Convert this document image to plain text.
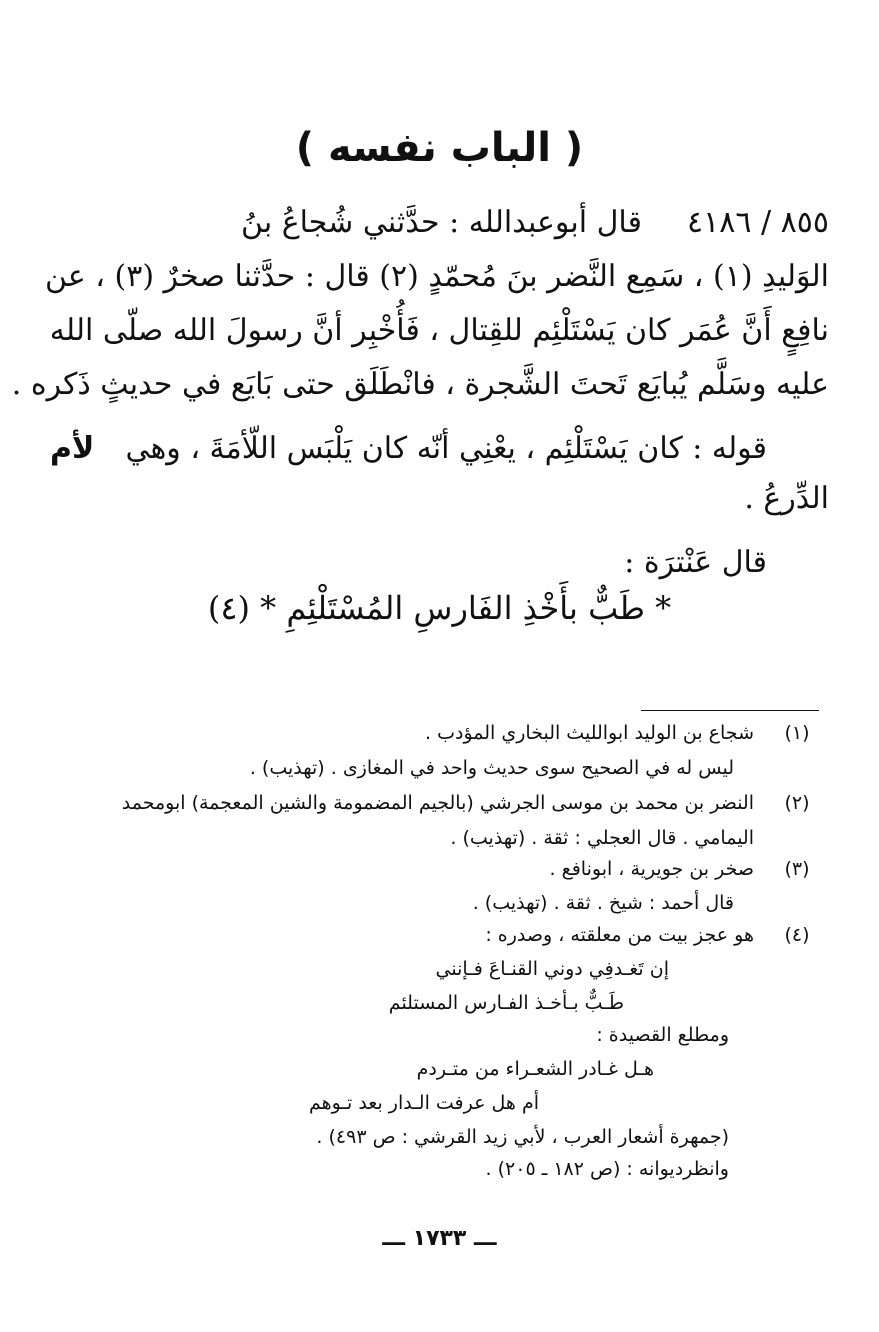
( الباب نفسه )
٨٥٥ / ٤١٨٦  قال أبوعبدالله : حدَّثني شُجاعُ بنُ
الوَليدِ (١) ، سَمِع النَّضر بنَ مُحمّدٍ (٢) قال : حدَّثنا صخرٌ (٣) ، عن
نافِعٍ أَنَّ عُمَر كان يَسْتَلْئِم للقِتال ، فَأُخْبِر أنَّ رسولَ الله صلّى الله
عليه وسَلَّم يُبايَع تَحتَ الشَّجرة ، فانْطَلَق حتى بَايَع في حديثٍ ذَكره .
قوله : كان يَسْتَلْئِم ، يعْنِي أنّه كان يَلْبَس اللّأمَةَ ، وهي
لأم
الدِّرعُ .
قال عَنْترَة :
* طَبٌّ بأَخْذِ الفَارسِ المُسْتَلْئِمِ * (٤)
(١)
شجاع بن الوليد ابوالليث البخاري المؤدب .
ليس له في الصحيح سوى حديث واحد في المغازى . (تهذيب) .
(٢)
النضر بن محمد بن موسى الجرشي (بالجيم المضمومة والشين المعجمة) ابومحمد
اليمامي . قال العجلي : ثقة . (تهذيب) .
(٣)
صخر بن جويرية ، ابونافع .
قال أحمد : شيخ . ثقة . (تهذيب) .
(٤)
هو عجز بيت من معلقته ، وصدره :
إن تَغـدفِي دوني القنـاعَ فـإنني
طَـبٌّ بـأخـذ الفـارس المستلئم
ومطلع القصيدة :
هـل غـادر الشعـراء من متـردم
أم هل عرفت الـدار بعد تـوهم
(جمهرة أشعار العرب ، لأبي زيد القرشي : ص ٤٩٣) .
وانظرديوانه : (ص ١٨٢ ـ ٢٠٥) .
ـــ ١٧٣٣ ـــ
